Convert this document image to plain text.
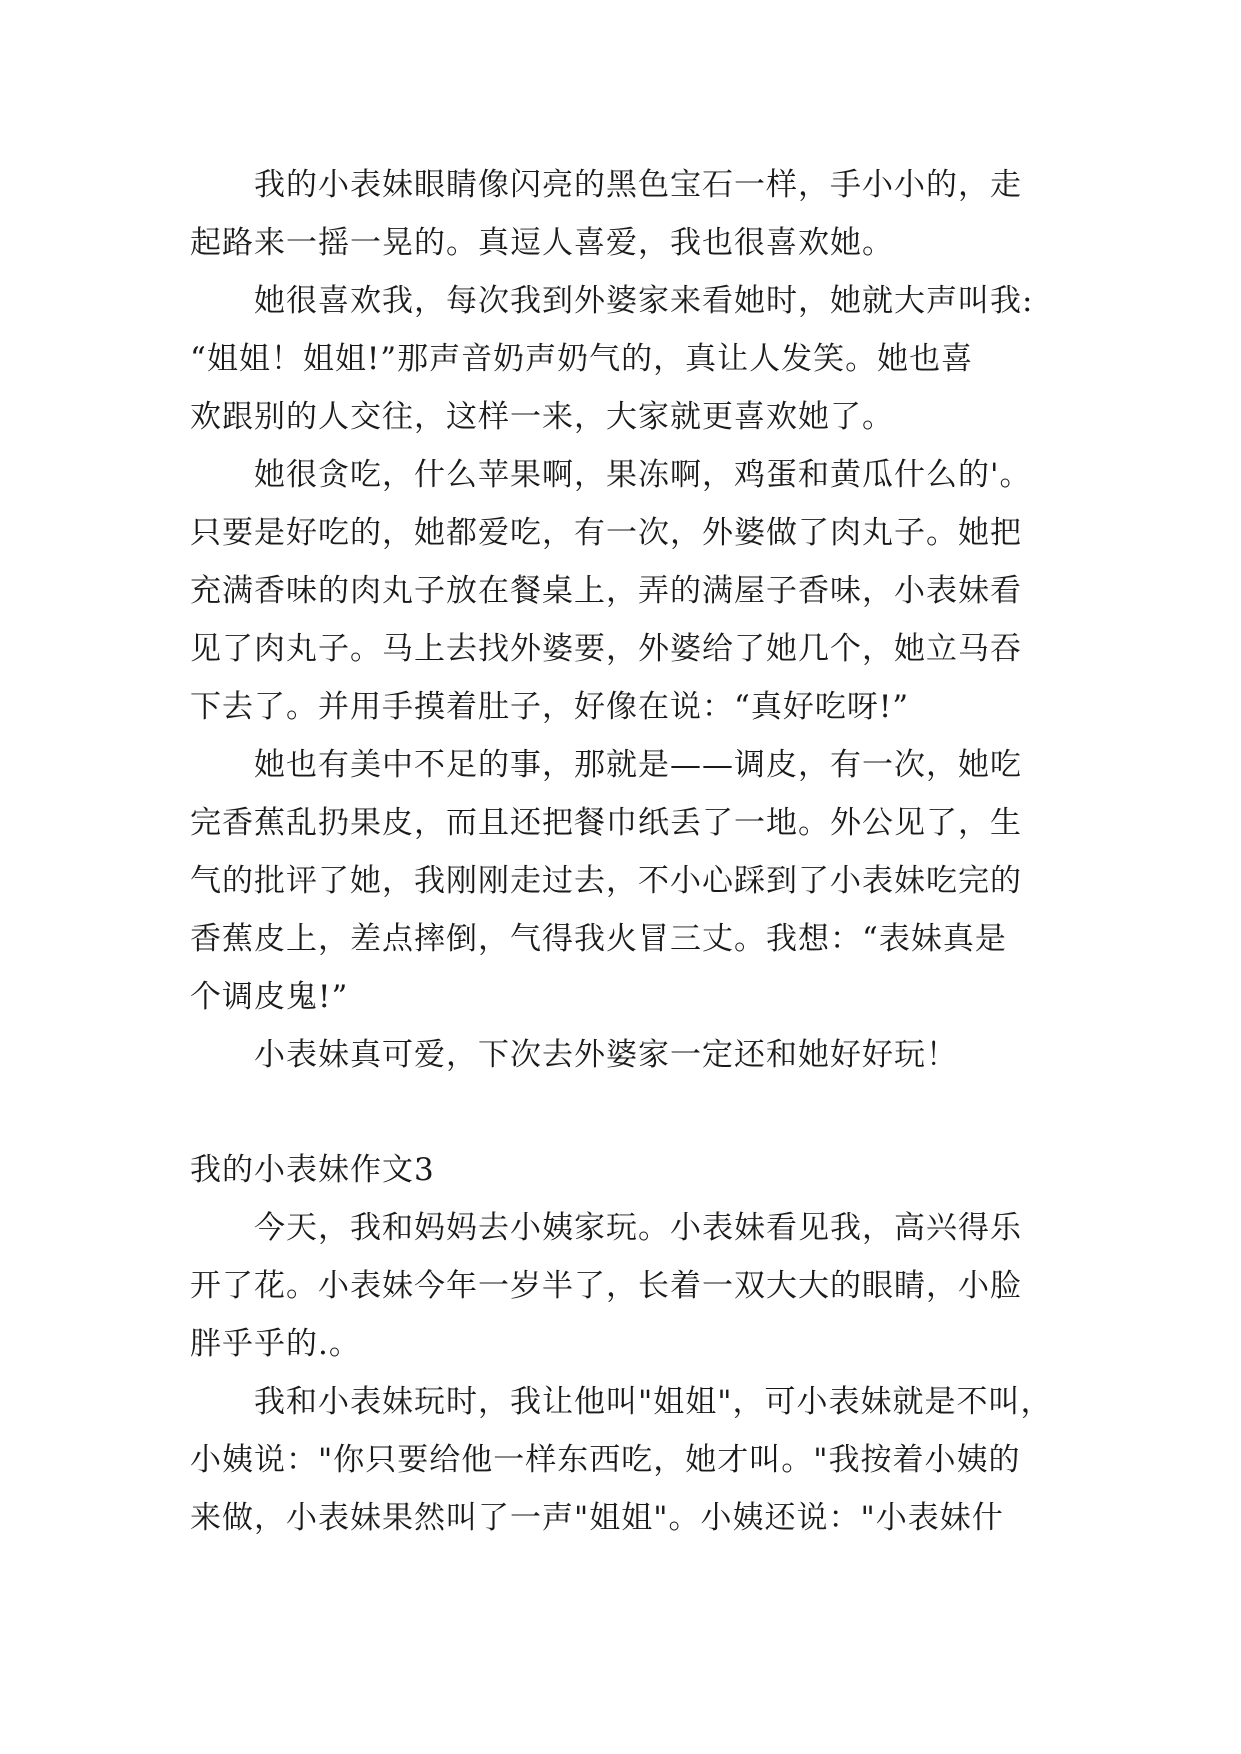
我的小表妹眼睛像闪亮的黑色宝石一样，手小小的，走
起路来一摇一晃的。真逗人喜爱，我也很喜欢她。
她很喜欢我，每次我到外婆家来看她时，她就大声叫我:
“姐姐！姐姐!”那声音奶声奶气的，真让人发笑。她也喜
欢跟别的人交往，这样一来，大家就更喜欢她了。
她很贪吃，什么苹果啊，果冻啊，鸡蛋和黄瓜什么的'。
只要是好吃的，她都爱吃，有一次，外婆做了肉丸子。她把
充满香味的肉丸子放在餐桌上，弄的满屋子香味，小表妹看
见了肉丸子。马上去找外婆要，外婆给了她几个，她立马吞
下去了。并用手摸着肚子，好像在说：“真好吃呀!”
她也有美中不足的事，那就是——调皮，有一次，她吃
完香蕉乱扔果皮，而且还把餐巾纸丢了一地。外公见了，生
气的批评了她，我刚刚走过去，不小心踩到了小表妹吃完的
香蕉皮上，差点摔倒，气得我火冒三丈。我想：“表妹真是
个调皮鬼!”
小表妹真可爱，下次去外婆家一定还和她好好玩！
我的小表妹作文3
今天，我和妈妈去小姨家玩。小表妹看见我，高兴得乐
开了花。小表妹今年一岁半了，长着一双大大的眼睛，小脸
胖乎乎的.。
我和小表妹玩时，我让他叫"姐姐"，可小表妹就是不叫，
小姨说："你只要给他一样东西吃，她才叫。"我按着小姨的
来做，小表妹果然叫了一声"姐姐"。小姨还说："小表妹什
